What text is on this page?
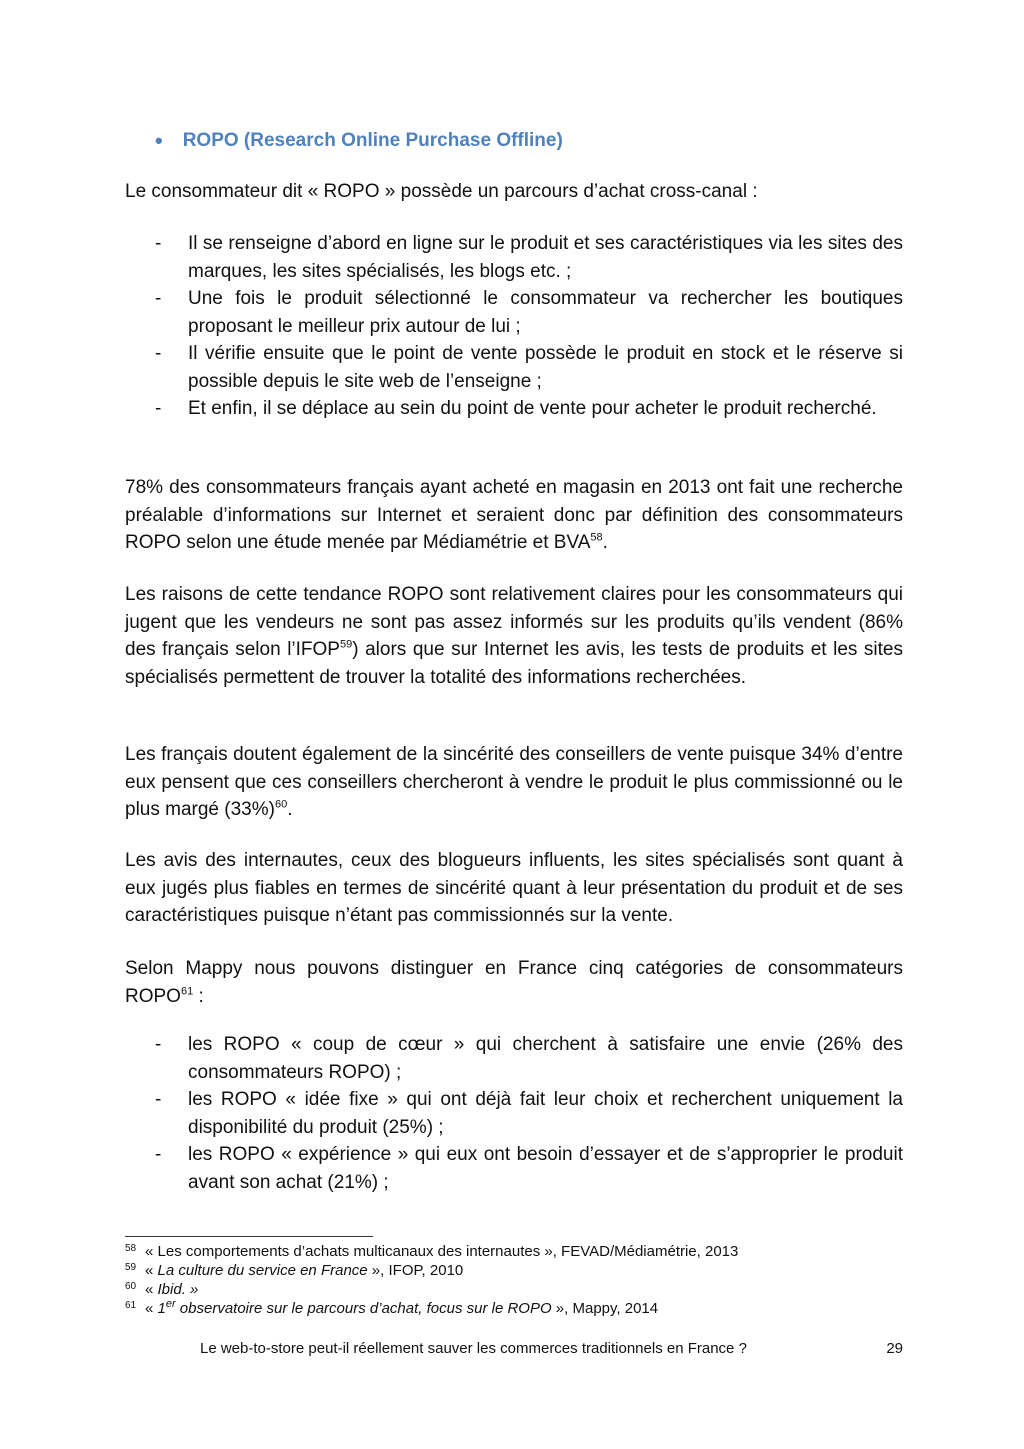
• ROPO (Research Online Purchase Offline)

Le consommateur dit « ROPO » possède un parcours d’achat cross-canal :

- Il se renseigne d’abord en ligne sur le produit et ses caractéristiques via les sites des marques, les sites spécialisés, les blogs etc. ;
- Une fois le produit sélectionné le consommateur va rechercher les boutiques proposant le meilleur prix autour de lui ;
- Il vérifie ensuite que le point de vente possède le produit en stock et le réserve si possible depuis le site web de l’enseigne ;
- Et enfin, il se déplace au sein du point de vente pour acheter le produit recherché.

78% des consommateurs français ayant acheté en magasin en 2013 ont fait une recherche préalable d’informations sur Internet et seraient donc par définition des consommateurs ROPO selon une étude menée par Médiamétrie et BVA$^{58}$.

Les raisons de cette tendance ROPO sont relativement claires pour les consommateurs qui jugent que les vendeurs ne sont pas assez informés sur les produits qu’ils vendent (86% des français selon l’IFOP$^{59}$) alors que sur Internet les avis, les tests de produits et les sites spécialisés permettent de trouver la totalité des informations recherchées.

Les français doutent également de la sincérité des conseillers de vente puisque 34% d’entre eux pensent que ces conseillers chercheront à vendre le produit le plus commissionné ou le plus margé $(33\%)^{60}$.

Les avis des internautes, ceux des blogueurs influents, les sites spécialisés sont quant à eux jugés plus fiables en termes de sincérité quant à leur présentation du produit et de ses caractéristiques puisque n’étant pas commissionnés sur la vente.

Selon Mappy nous pouvons distinguer en France cinq catégories de consommateurs ROPO$^{61}$ :

- les ROPO « coup de cœur » qui cherchent à satisfaire une envie (26% des consommateurs ROPO) ;
- les ROPO « idée fixe » qui ont déjà fait leur choix et recherchent uniquement la disponibilité du produit (25%) ;
- les ROPO « expérience » qui eux ont besoin d’essayer et de s’approprier le produit avant son achat (21%) ;
58 « Les comportements d’achats multicanaux des internautes », FEVAD/Médiamétrie, 2013
59 « La culture du service en France », IFOP, 2010
60 « Ibid. »
61 « 1er observatoire sur le parcours d’achat, focus sur le ROPO », Mappy, 2014
Le web-to-store peut-il réellement sauver les commerces traditionnels en France ?	29
